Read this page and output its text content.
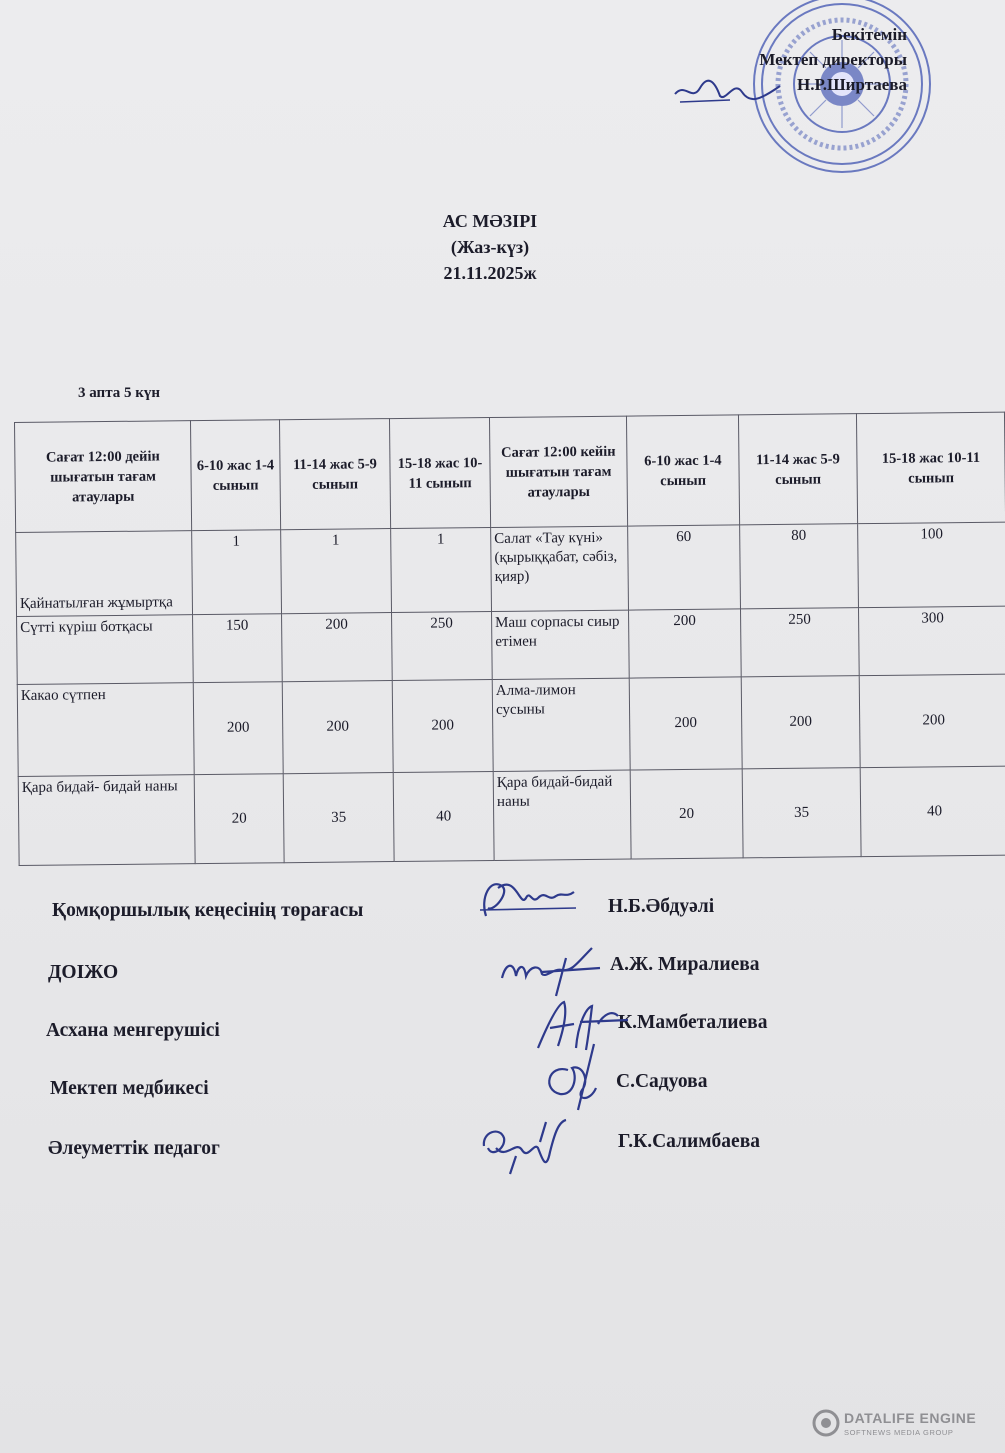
Бекітемін
Мектеп директоры
Н.Р.Ширтаева
АС МӘЗІРІ
(Жаз-күз)
21.11.2025ж
3 апта 5 күн
Сағат 12:00 дейін шығатын тағам атаулары	6-10 жас 1-4 сынып	11-14 жас 5-9 сынып	15-18 жас 10-11 сынып	Сағат 12:00 кейін шығатын тағам атаулары	6-10 жас 1-4 сынып	11-14 жас 5-9 сынып	15-18 жас 10-11 сынып
Қайнатылған жұмыртқа	1	1	1	Салат «Тау күні» (қырыққабат, сәбіз, қияр)	60	80	100
Сүтті күріш ботқасы	150	200	250	Маш сорпасы сиыр етімен	200	250	300
Какао сүтпен	200	200	200	Алма-лимон сусыны	200	200	200
Қара бидай- бидай наны	20	35	40	Қара бидай-бидай наны	20	35	40
Қомқоршылық кеңесінің төрағасы	Н.Б.Әбдуәлі
ДОІЖО	А.Ж. Миралиева
Асхана менгерушісі	К.Мамбеталиева
Мектеп медбикесі	С.Садуова
Әлеуметтік педагог	Г.К.Салимбаева
DATALIFE ENGINE
SOFTNEWS MEDIA GROUP
